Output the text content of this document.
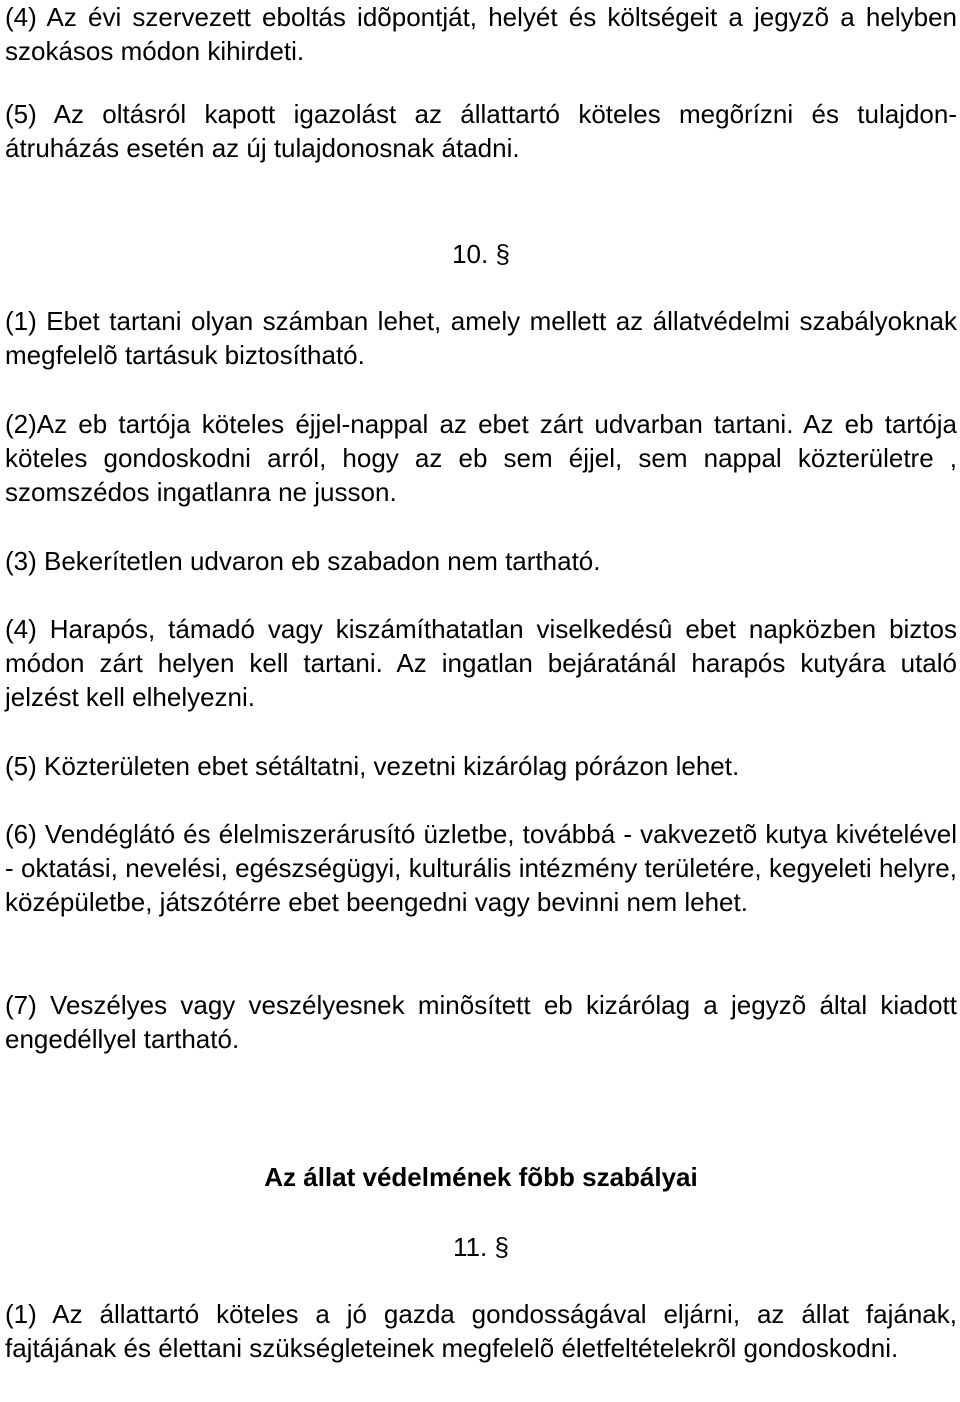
(4) Az évi szervezett eboltás idõpontját, helyét és költségeit a jegyzõ a helyben szokásos módon kihirdeti.

(5) Az oltásról kapott igazolást az állattartó köteles megõrízni és tulajdon-átruházás esetén az új tulajdonosnak átadni.

10. §

(1) Ebet tartani olyan számban lehet, amely mellett az állatvédelmi szabályoknak megfelelõ tartásuk biztosítható.

(2)Az eb tartója köteles éjjel-nappal az ebet zárt udvarban tartani. Az eb tartója köteles gondoskodni arról, hogy az eb sem éjjel, sem nappal közterületre , szomszédos ingatlanra ne jusson.

(3) Bekerítetlen udvaron eb szabadon nem tartható.

(4) Harapós, támadó vagy kiszámíthatatlan viselkedésû ebet napközben biztos módon zárt helyen kell tartani. Az ingatlan bejáratánál harapós kutyára utaló jelzést kell elhelyezni.

(5) Közterületen ebet sétáltatni, vezetni kizárólag pórázon lehet.

(6) Vendéglátó és élelmiszerárusító üzletbe, továbbá - vakvezetõ kutya kivételével - oktatási, nevelési, egészségügyi, kulturális intézmény területére, kegyeleti helyre, középületbe, játszótérre ebet beengedni vagy bevinni nem lehet.

(7) Veszélyes vagy veszélyesnek minõsített eb kizárólag a jegyzõ által kiadott engedéllyel tartható.

Az állat védelmének fõbb szabályai

11. §

(1) Az állattartó köteles a jó gazda gondosságával eljárni, az állat fajának, fajtájának és élettani szükségleteinek megfelelõ életfeltételekrõl gondoskodni.
